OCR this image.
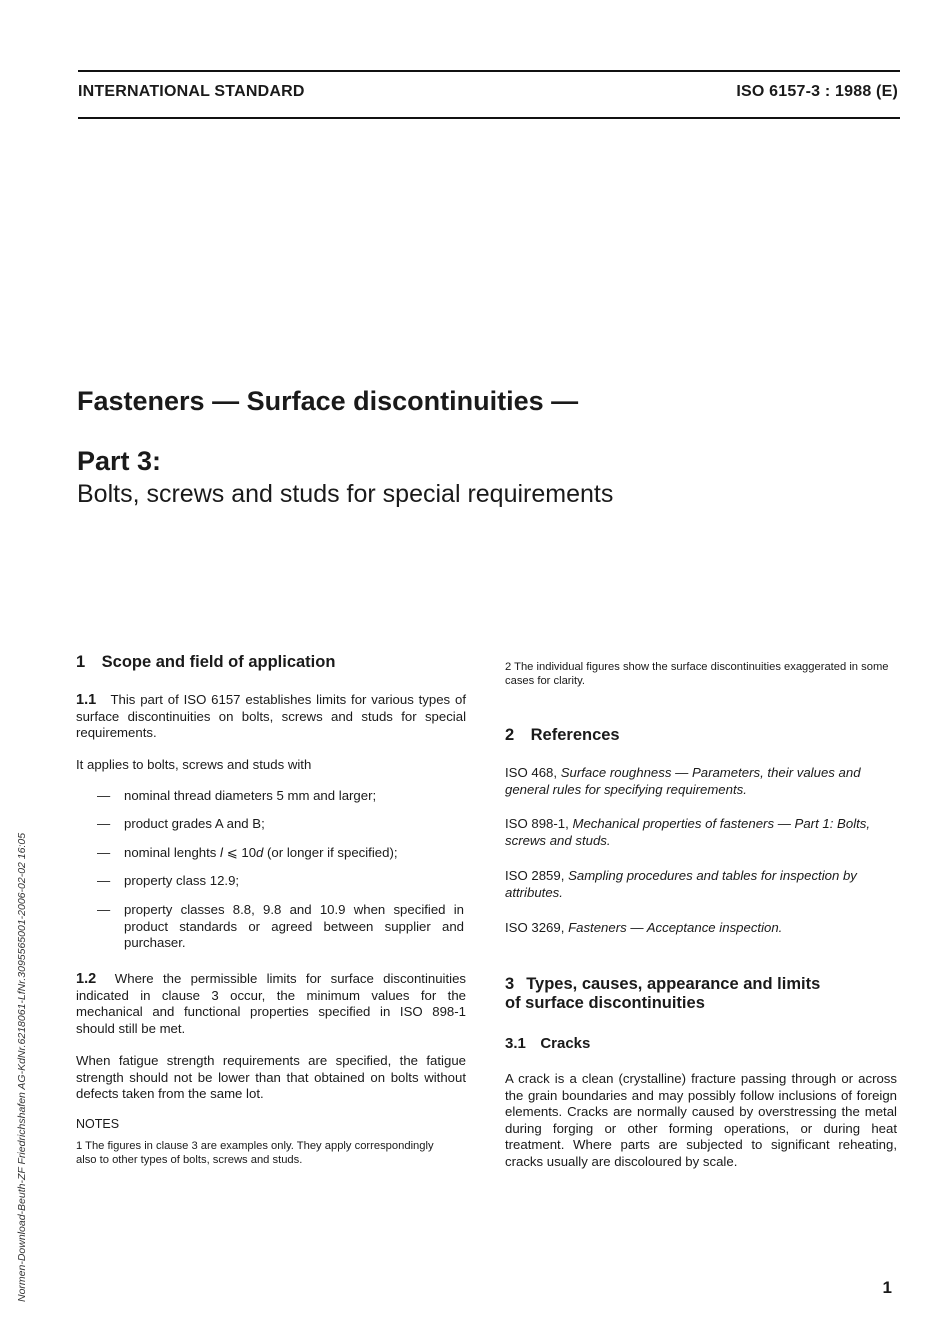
INTERNATIONAL STANDARD	ISO 6157-3 : 1988 (E)
Fasteners — Surface discontinuities —
Part 3:
Bolts, screws and studs for special requirements
1 Scope and field of application

1.1 This part of ISO 6157 establishes limits for various types of surface discontinuities on bolts, screws and studs for special requirements.

It applies to bolts, screws and studs with
— nominal thread diameters 5 mm and larger;
— product grades A and B;
— nominal lenghts l ⩽ 10d (or longer if specified);
— property class 12.9;
— property classes 8.8, 9.8 and 10.9 when specified in product standards or agreed between supplier and purchaser.

1.2 Where the permissible limits for surface discontinuities indicated in clause 3 occur, the minimum values for the mechanical and functional properties specified in ISO 898-1 should still be met.

When fatigue strength requirements are specified, the fatigue strength should not be lower than that obtained on bolts without defects taken from the same lot.
NOTES
1 The figures in clause 3 are examples only. They apply correspondingly also to other types of bolts, screws and studs.
2 The individual figures show the surface discontinuities exaggerated in some cases for clarity.
2 References

ISO 468, Surface roughness — Parameters, their values and general rules for specifying requirements.

ISO 898-1, Mechanical properties of fasteners — Part 1: Bolts, screws and studs.

ISO 2859, Sampling procedures and tables for inspection by attributes.

ISO 3269, Fasteners — Acceptance inspection.

3 Types, causes, appearance and limits
of surface discontinuities
3.1 Cracks
A crack is a clean (crystalline) fracture passing through or across the grain boundaries and may possibly follow inclusions of foreign elements. Cracks are normally caused by overstressing the metal during forging or other forming operations, or during heat treatment. Where parts are subjected to significant reheating, cracks usually are discoloured by scale.
1
Normen-Download-Beuth-ZF Friedrichshafen AG-KdNr.6218061-LfNr.3095565001-2006-02-02 16:05
